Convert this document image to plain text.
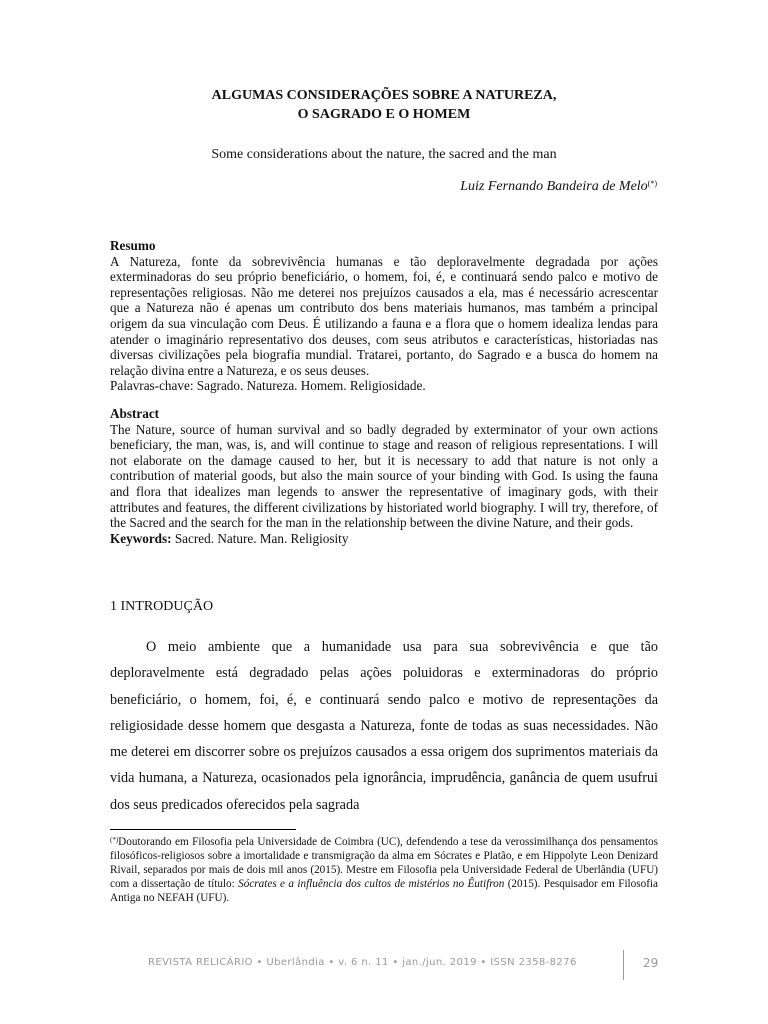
ALGUMAS CONSIDERAÇÕES SOBRE A NATUREZA,
O SAGRADO E O HOMEM

Some considerations about the nature, the sacred and the man

Luiz Fernando Bandeira de Melo(*)

Resumo

A Natureza, fonte da sobrevivência humanas e tão deploravelmente degradada por ações exterminadoras do seu próprio beneficiário, o homem, foi, é, e continuará sendo palco e motivo de representações religiosas. Não me deterei nos prejuízos causados a ela, mas é necessário acrescentar que a Natureza não é apenas um contributo dos bens materiais humanos, mas também a principal origem da sua vinculação com Deus. É utilizando a fauna e a flora que o homem idealiza lendas para atender o imaginário representativo dos deuses, com seus atributos e características, historiadas nas diversas civilizações pela biografia mundial. Tratarei, portanto, do Sagrado e a busca do homem na relação divina entre a Natureza, e os seus deuses.

Palavras-chave: Sagrado. Natureza. Homem. Religiosidade.

Abstract

The Nature, source of human survival and so badly degraded by exterminator of your own actions beneficiary, the man, was, is, and will continue to stage and reason of religious representations. I will not elaborate on the damage caused to her, but it is necessary to add that nature is not only a contribution of material goods, but also the main source of your binding with God. Is using the fauna and flora that idealizes man legends to answer the representative of imaginary gods, with their attributes and features, the different civilizations by historiated world biography. I will try, therefore, of the Sacred and the search for the man in the relationship between the divine Nature, and their gods.

Keywords: Sacred. Nature. Man. Religiosity

1 INTRODUÇÃO

O meio ambiente que a humanidade usa para sua sobrevivência e que tão deploravelmente está degradado pelas ações poluidoras e exterminadoras do próprio beneficiário, o homem, foi, é, e continuará sendo palco e motivo de representações da religiosidade desse homem que desgasta a Natureza, fonte de todas as suas necessidades. Não me deterei em discorrer sobre os prejuízos causados a essa origem dos suprimentos materiais da vida humana, a Natureza, ocasionados pela ignorância, imprudência, ganância de quem usufrui dos seus predicados oferecidos pela sagrada

(*)Doutorando em Filosofia pela Universidade de Coimbra (UC), defendendo a tese da verossimilhança dos pensamentos filosóficos-religiosos sobre a imortalidade e transmigração da alma em Sócrates e Platão, e em Hippolyte Leon Denizard Rivail, separados por mais de dois mil anos (2015). Mestre em Filosofia pela Universidade Federal de Uberlândia (UFU) com a dissertação de título: Sócrates e a influência dos cultos de mistérios no Êutifron (2015). Pesquisador em Filosofia Antiga no NEFAH (UFU).

REVISTA RELICÁRIO • Uberlândia • v. 6 n. 11 • jan./jun. 2019 • ISSN 2358-8276	29
